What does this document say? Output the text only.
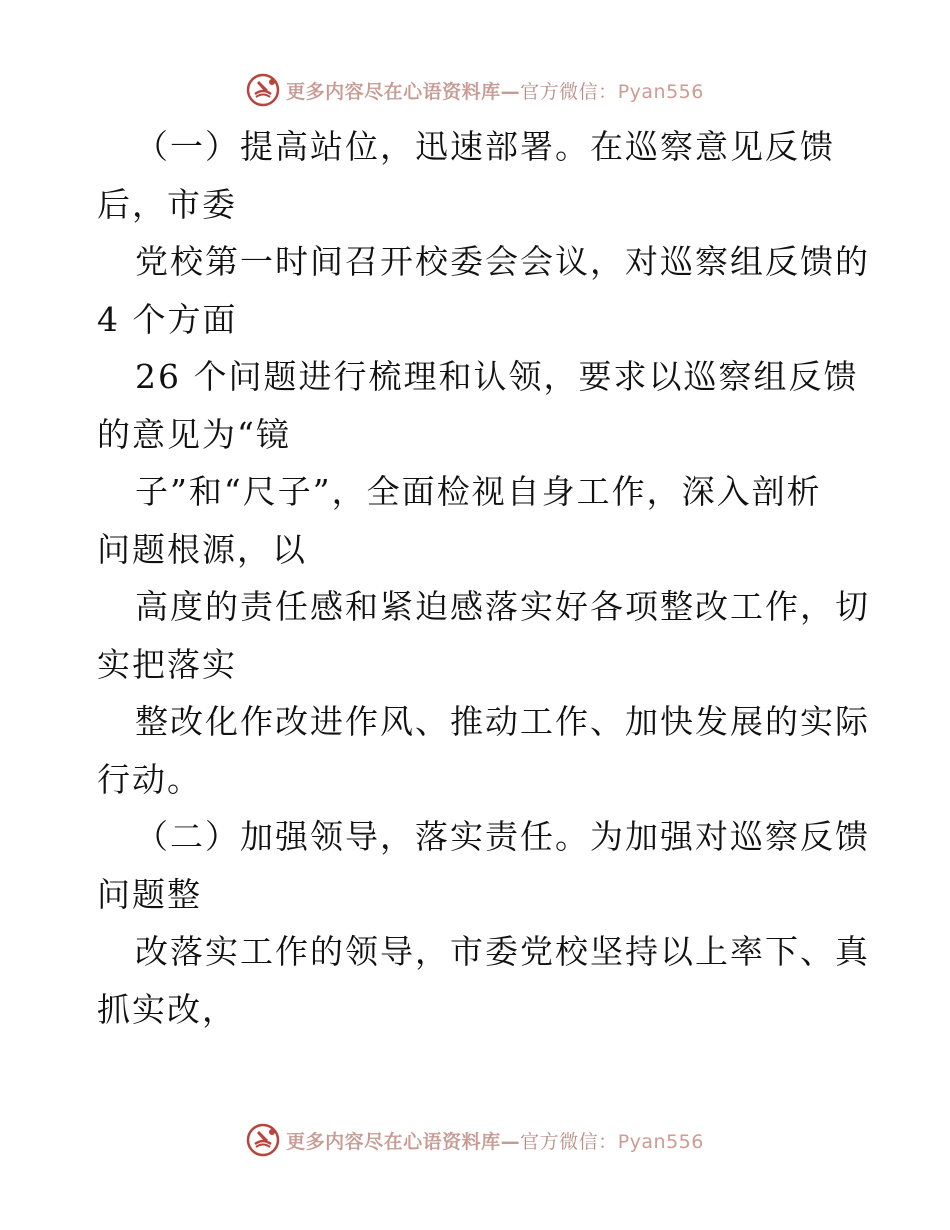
更多内容尽在心语资料库—官方微信：Pyan556
（一）提高站位，迅速部署。在巡察意见反馈
后，市委
党校第一时间召开校委会会议，对巡察组反馈的
4 个方面
26 个问题进行梳理和认领，要求以巡察组反馈
的意见为“镜
子”和“尺子”，全面检视自身工作，深入剖析
问题根源，以
高度的责任感和紧迫感落实好各项整改工作，切
实把落实
整改化作改进作风、推动工作、加快发展的实际
行动。
（二）加强领导，落实责任。为加强对巡察反馈
问题整
改落实工作的领导，市委党校坚持以上率下、真
抓实改，
更多内容尽在心语资料库—官方微信：Pyan556
